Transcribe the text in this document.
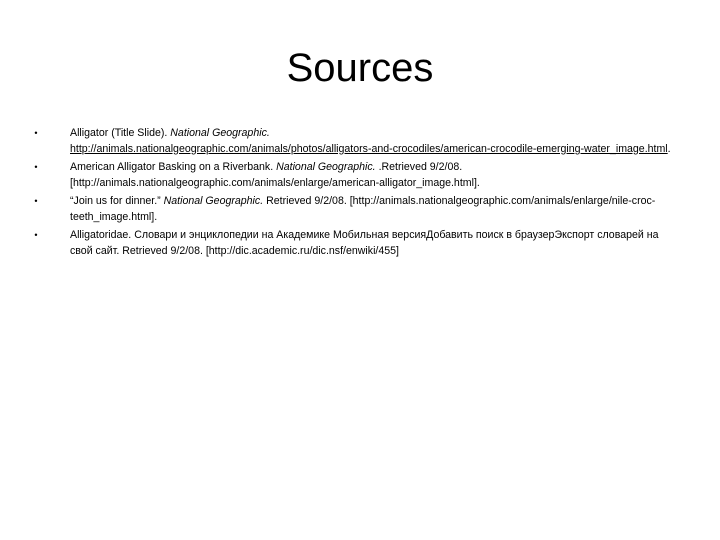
Sources
•	Alligator (Title Slide). National Geographic.
http://animals.nationalgeographic.com/animals/photos/alligators-and-crocodiles/american-crocodile-emerging-water_image.html.
•	American Alligator Basking on a Riverbank. National Geographic. .Retrieved 9/2/08. [http://animals.nationalgeographic.com/animals/enlarge/american-alligator_image.html].
•	“Join us for dinner.” National Geographic. Retrieved 9/2/08. [http://animals.nationalgeographic.com/animals/enlarge/nile-croc-teeth_image.html].
•	Alligatoridae. Словари и энциклопедии на Академике Мобильная версияДобавить поиск в браузерЭкспорт словарей на свой сайт. Retrieved 9/2/08. [http://dic.academic.ru/dic.nsf/enwiki/455]
